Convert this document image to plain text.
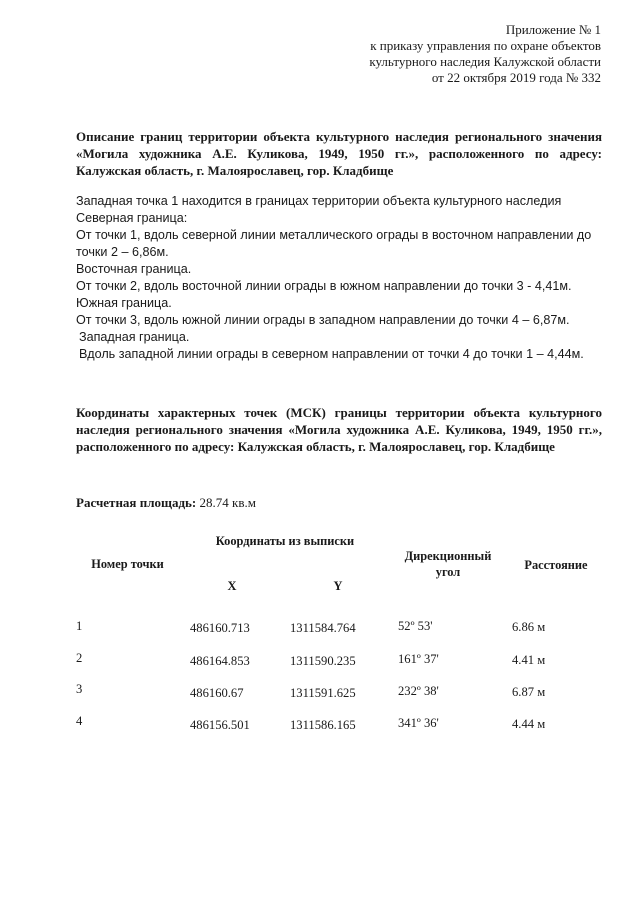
Приложение № 1
к приказу управления по охране объектов
культурного наследия Калужской области
от 22 октября 2019 года № 332
Описание границ территории объекта культурного наследия регионального значения «Могила художника А.Е. Куликова, 1949, 1950 гг.», расположенного по адресу: Калужская область, г. Малоярославец, гор. Кладбище
Западная точка 1 находится в границах территории объекта культурного наследия
Северная граница:
От точки 1, вдоль северной линии металлического ограды в восточном направлении до
точки 2 – 6,86м.
Восточная граница.
От точки 2, вдоль восточной линии ограды в южном направлении до точки 3 - 4,41м.
Южная граница.
От точки 3, вдоль южной линии ограды в западном направлении до точки 4 – 6,87м.
Западная граница.
Вдоль западной линии ограды в северном направлении от точки 4 до точки 1 – 4,44м.
Координаты характерных точек (МСК) границы территории объекта культурного наследия регионального значения «Могила художника А.Е. Куликова, 1949, 1950 гг.», расположенного по адресу: Калужская область, г. Малоярославец, гор. Кладбище
Расчетная площадь: 28.74 кв.м
Номер точки
Координаты из выписки
X	Y
Дирекционный угол	Расстояние
1	486160.713	1311584.764	52º 53'	6.86 м
2	486164.853	1311590.235	161º 37'	4.41 м
3	486160.67	1311591.625	232º 38'	6.87 м
4	486156.501	1311586.165	341º 36'	4.44 м
